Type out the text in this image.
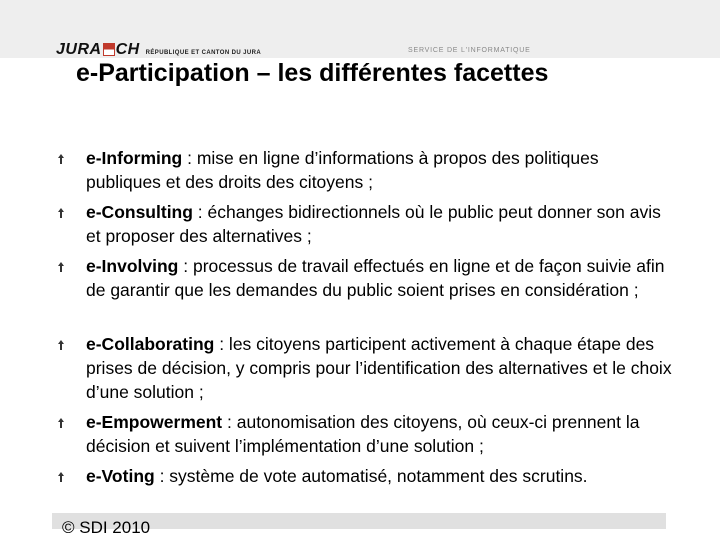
JURA CH RÉPUBLIQUE ET CANTON DU JURA	SERVICE DE L'INFORMATIQUE
e-Participation – les différentes facettes
e-Informing : mise en ligne d’informations à propos des politiques publiques et des droits des citoyens ;
e-Consulting : échanges bidirectionnels où le public peut donner son avis et proposer des alternatives ;
e-Involving : processus de travail effectués en ligne et de façon suivie afin de garantir que les demandes du public soient prises en considération ;
e-Collaborating : les citoyens participent activement à chaque étape des prises de décision, y compris pour l’identification des alternatives et le choix d’une solution ;
e-Empowerment : autonomisation des citoyens, où ceux-ci prennent la décision et suivent l’implémentation d’une solution ;
e-Voting : système de vote automatisé, notamment des scrutins.
© SDI 2010
